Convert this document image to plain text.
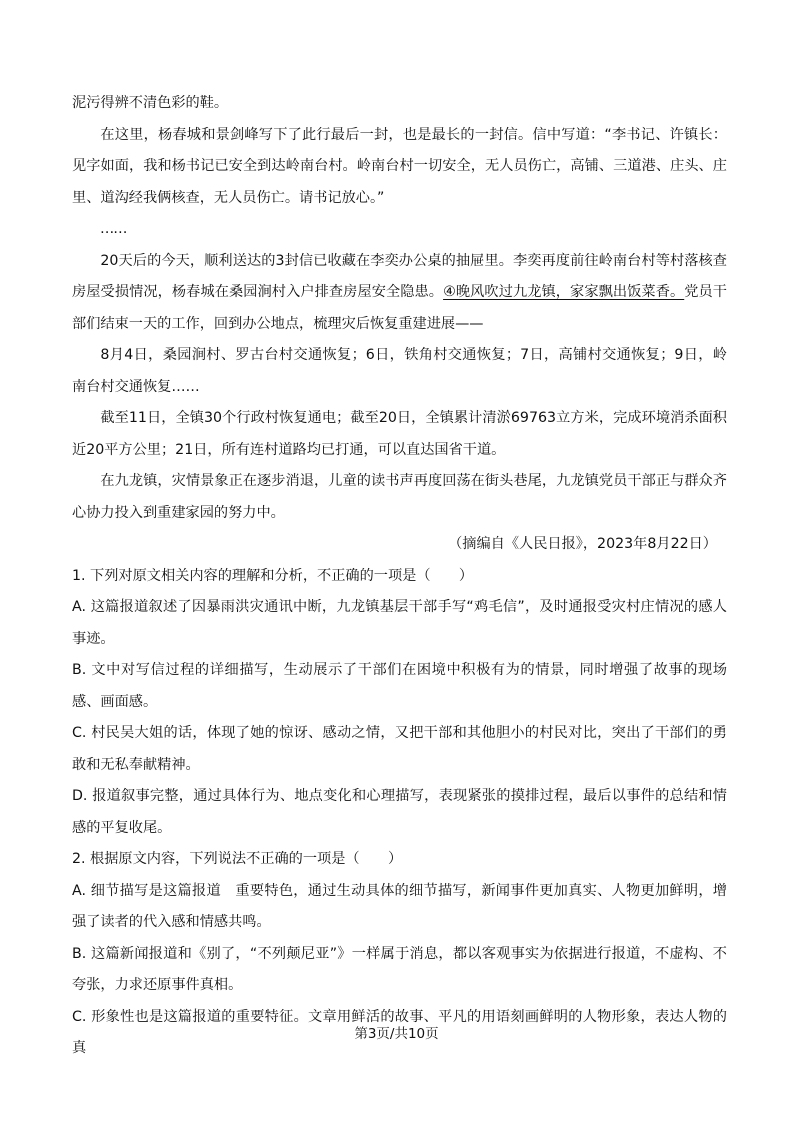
泥污得辨不清色彩的鞋。

在这里，杨春城和景剑峰写下了此行最后一封，也是最长的一封信。信中写道：“李书记、许镇长：见字如面，我和杨书记已安全到达岭南台村。岭南台村一切安全，无人员伤亡，高铺、三道港、庄头、庄里、道沟经我俩核查，无人员伤亡。请书记放心。”

……

20天后的今天，顺利送达的3封信已收藏在李奕办公桌的抽屉里。李奕再度前往岭南台村等村落核查房屋受损情况，杨春城在桑园涧村入户排查房屋安全隐患。④晚风吹过九龙镇，家家飘出饭菜香。党员干部们结束一天的工作，回到办公地点，梳理灾后恢复重建进展——

8月4日，桑园涧村、罗古台村交通恢复；6日，铁角村交通恢复；7日，高铺村交通恢复；9日，岭南台村交通恢复……

截至11日，全镇30个行政村恢复通电；截至20日，全镇累计清淤69763立方米，完成环境消杀面积近20平方公里；21日，所有连村道路均已打通，可以直达国省干道。

在九龙镇，灾情景象正在逐步消退，儿童的读书声再度回荡在街头巷尾，九龙镇党员干部正与群众齐心协力投入到重建家园的努力中。

（摘编自《人民日报》，2023年8月22日）

1. 下列对原文相关内容的理解和分析，不正确的一项是（　　）

A. 这篇报道叙述了因暴雨洪灾通讯中断，九龙镇基层干部手写“鸡毛信”，及时通报受灾村庄情况的感人事迹。

B. 文中对写信过程的详细描写，生动展示了干部们在困境中积极有为的情景，同时增强了故事的现场感、画面感。

C. 村民吴大姐的话，体现了她的惊讶、感动之情，又把干部和其他胆小的村民对比，突出了干部们的勇敢和无私奉献精神。

D. 报道叙事完整，通过具体行为、地点变化和心理描写，表现紧张的摸排过程，最后以事件的总结和情感的平复收尾。

2. 根据原文内容，下列说法不正确的一项是（　　）

A. 细节描写是这篇报道　重要特色，通过生动具体的细节描写，新闻事件更加真实、人物更加鲜明，增强了读者的代入感和情感共鸣。

B. 这篇新闻报道和《别了，“不列颠尼亚”》一样属于消息，都以客观事实为依据进行报道，不虚构、不夸张，力求还原事件真相。

C. 形象性也是这篇报道的重要特征。文章用鲜活的故事、平凡的用语刻画鲜明的人物形象，表达人物的真

第3页/共10页
